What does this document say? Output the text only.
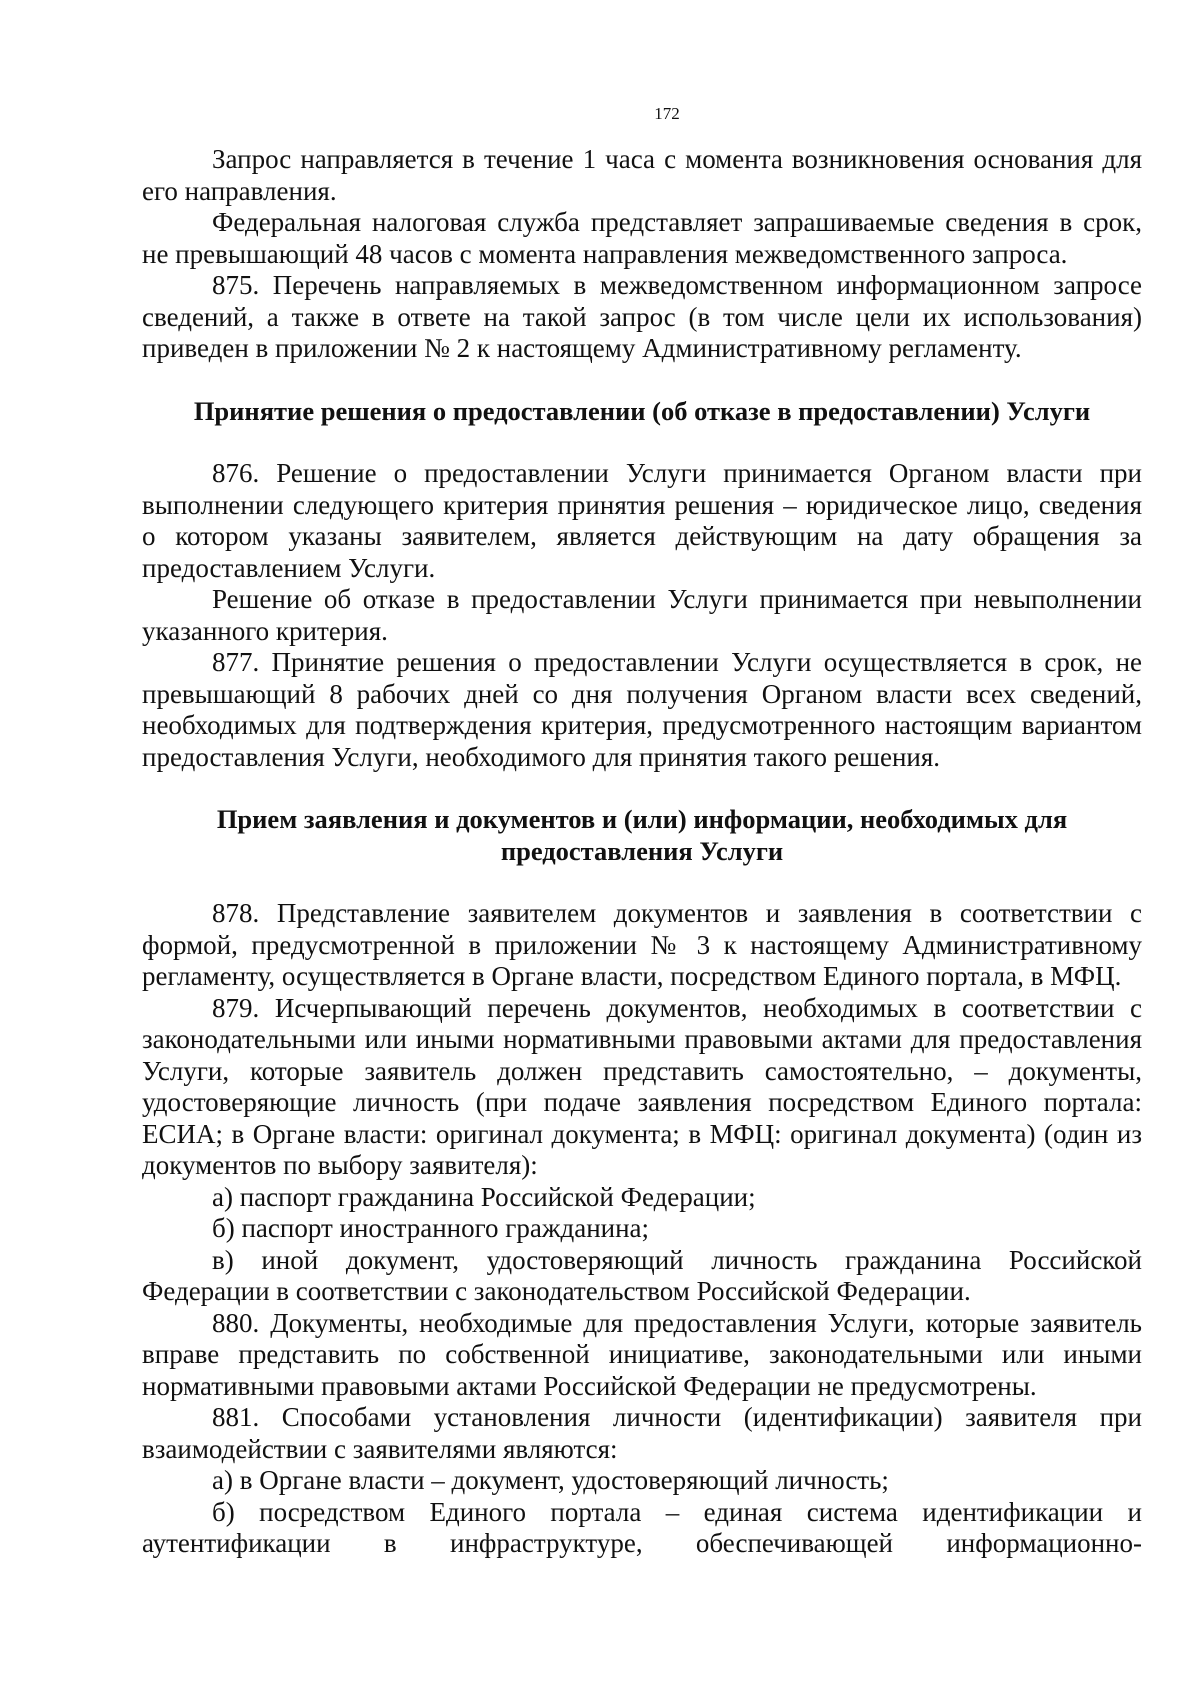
172

Запрос направляется в течение 1 часа с момента возникновения основания для его направления.

Федеральная налоговая служба представляет запрашиваемые сведения в срок, не превышающий 48 часов с момента направления межведомственного запроса.

875. Перечень направляемых в межведомственном информационном запросе сведений, а также в ответе на такой запрос (в том числе цели их использования) приведен в приложении № 2 к настоящему Административному регламенту.

Принятие решения о предоставлении (об отказе в предоставлении) Услуги

876. Решение о предоставлении Услуги принимается Органом власти при выполнении следующего критерия принятия решения – юридическое лицо, сведения о котором указаны заявителем, является действующим на дату обращения за предоставлением Услуги.

Решение об отказе в предоставлении Услуги принимается при невыполнении указанного критерия.

877. Принятие решения о предоставлении Услуги осуществляется в срок, не превышающий 8 рабочих дней со дня получения Органом власти всех сведений, необходимых для подтверждения критерия, предусмотренного настоящим вариантом предоставления Услуги, необходимого для принятия такого решения.

Прием заявления и документов и (или) информации, необходимых для предоставления Услуги

878. Представление заявителем документов и заявления в соответствии с формой, предусмотренной в приложении № 3 к настоящему Административному регламенту, осуществляется в Органе власти, посредством Единого портала, в МФЦ.

879. Исчерпывающий перечень документов, необходимых в соответствии с законодательными или иными нормативными правовыми актами для предоставления Услуги, которые заявитель должен представить самостоятельно, – документы, удостоверяющие личность (при подаче заявления посредством Единого портала: ЕСИА; в Органе власти: оригинал документа; в МФЦ: оригинал документа) (один из документов по выбору заявителя):

а) паспорт гражданина Российской Федерации;

б) паспорт иностранного гражданина;

в) иной документ, удостоверяющий личность гражданина Российской Федерации в соответствии с законодательством Российской Федерации.

880. Документы, необходимые для предоставления Услуги, которые заявитель вправе представить по собственной инициативе, законодательными или иными нормативными правовыми актами Российской Федерации не предусмотрены.

881. Способами установления личности (идентификации) заявителя при взаимодействии с заявителями являются:

а) в Органе власти – документ, удостоверяющий личность;

б) посредством Единого портала – единая система идентификации и аутентификации в инфраструктуре, обеспечивающей информационно-
